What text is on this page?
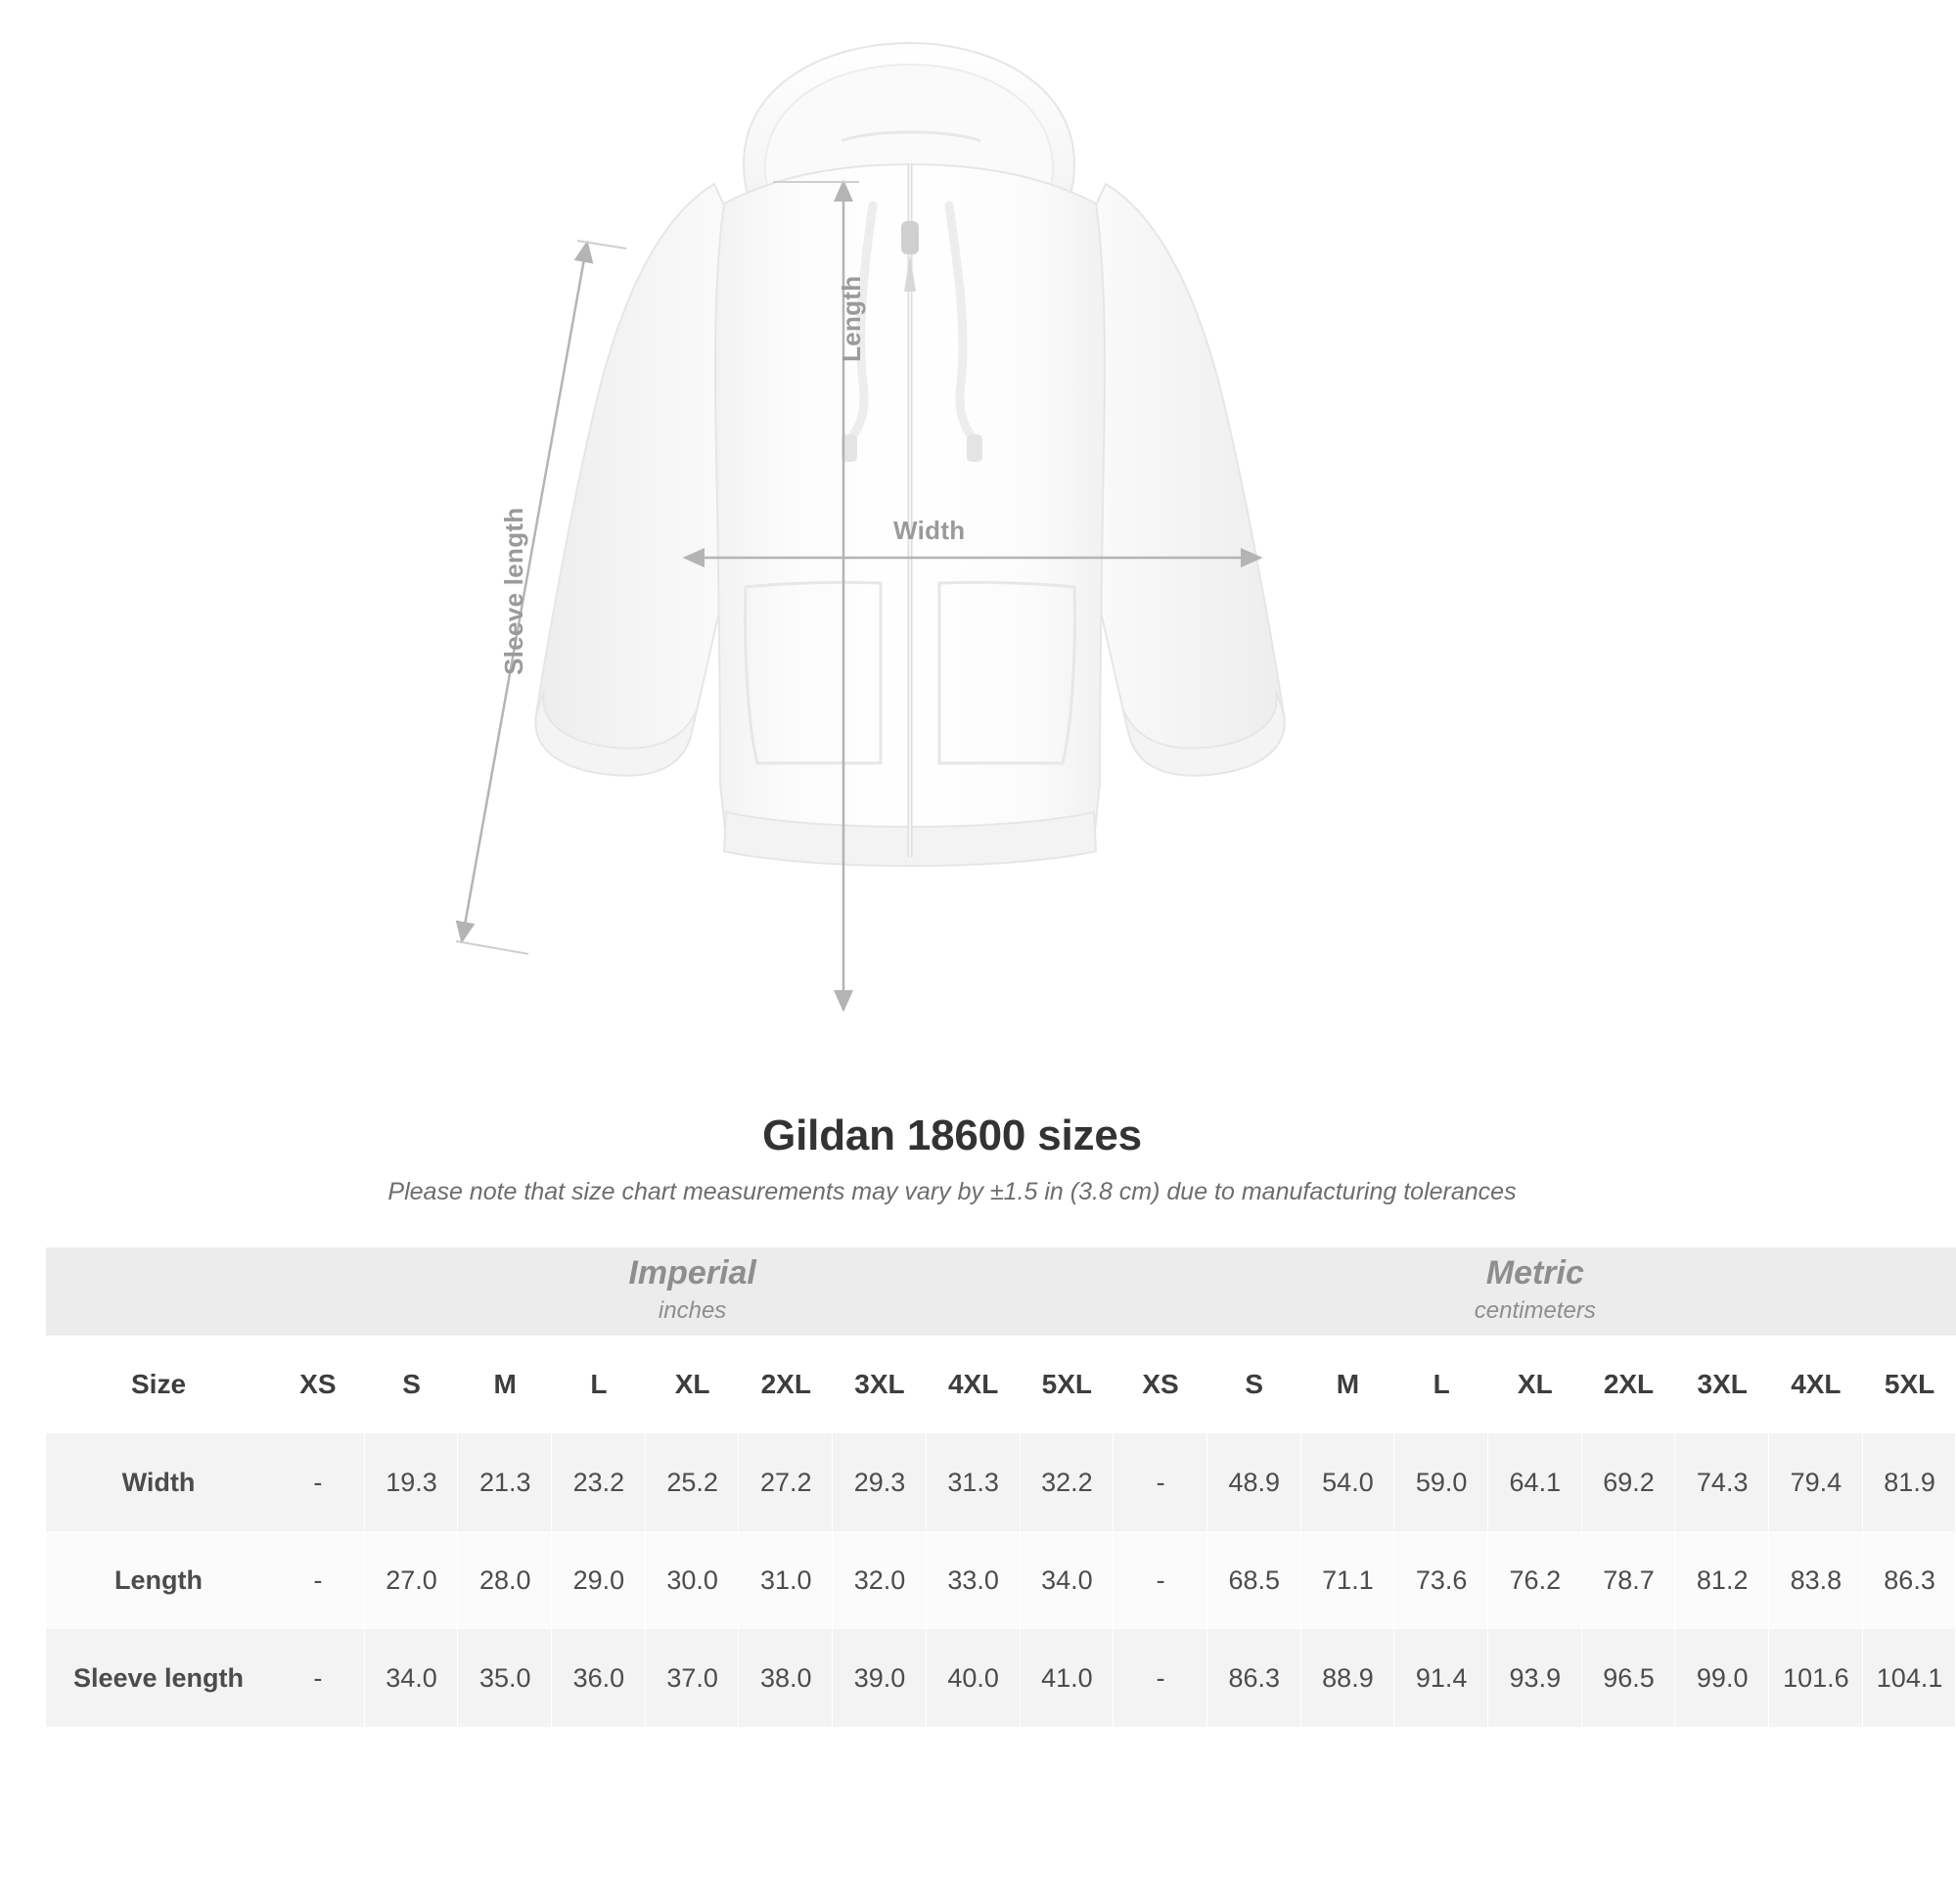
Width
Length
Sleeve length
Gildan 18600 sizes

Please note that size chart measurements may vary by ±1.5 in (3.8 cm) due to manufacturing tolerances

Imperial
inches

Metric
centimeters

Size	XS	S	M	L	XL	2XL	3XL	4XL	5XL	XS	S	M	L	XL	2XL	3XL	4XL	5XL
Width	-	19.3	21.3	23.2	25.2	27.2	29.3	31.3	32.2	-	48.9	54.0	59.0	64.1	69.2	74.3	79.4	81.9
Length	-	27.0	28.0	29.0	30.0	31.0	32.0	33.0	34.0	-	68.5	71.1	73.6	76.2	78.7	81.2	83.8	86.3
Sleeve length	-	34.0	35.0	36.0	37.0	38.0	39.0	40.0	41.0	-	86.3	88.9	91.4	93.9	96.5	99.0	101.6	104.1
